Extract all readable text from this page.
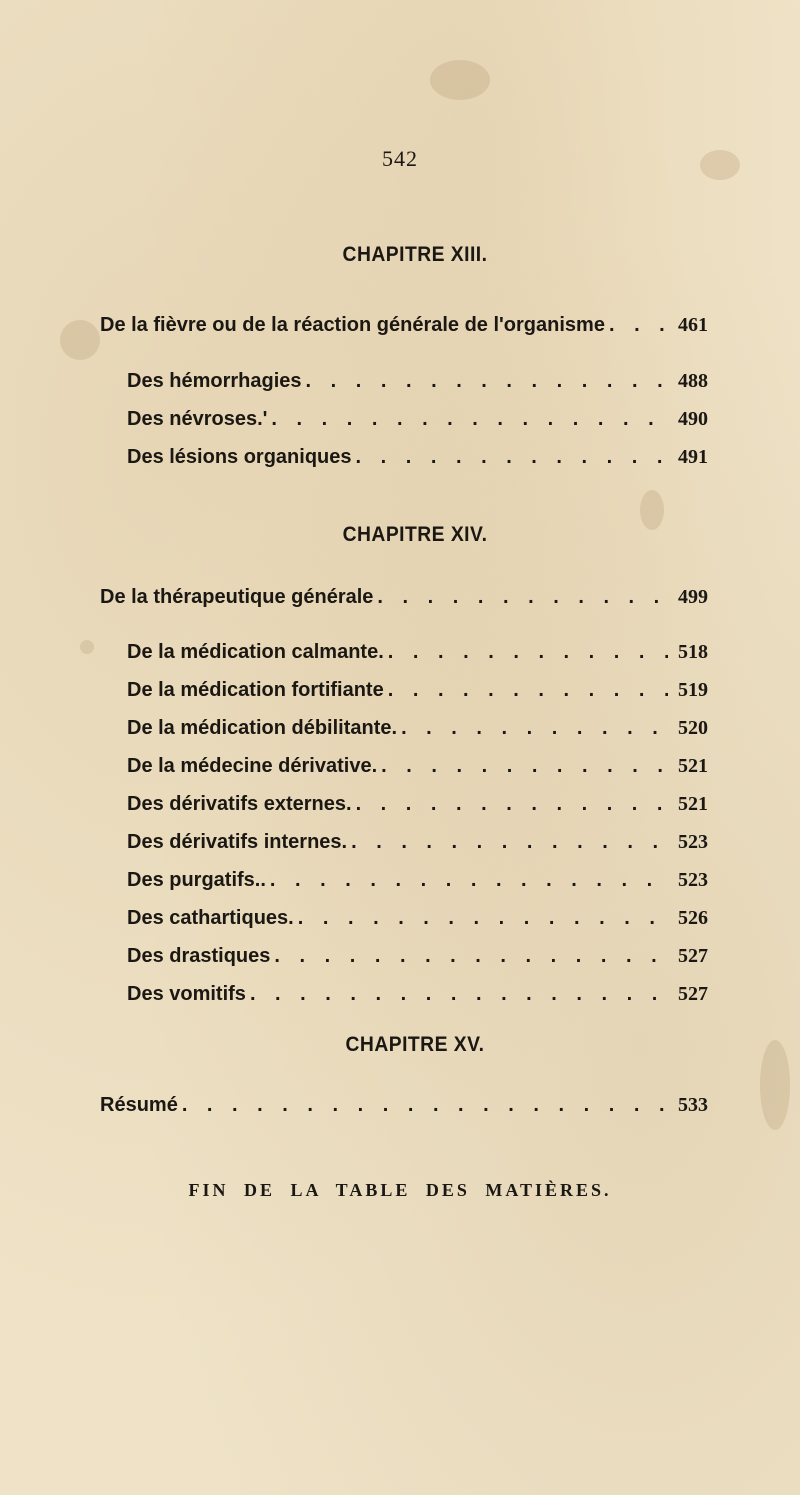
542
CHAPITRE XIII.
De la fièvre ou de la réaction générale de l'organisme . . .	461
Des hémorrhagies . . .	488
Des névroses.' . . .	490
Des lésions organiques . . .	491
CHAPITRE XIV.
De la thérapeutique générale . . .	499
De la médication calmante. . . .	518
De la médication fortifiante . . .	519
De la médication débilitante. . . .	520
De la médecine dérivative. . . .	521
Des dérivatifs externes. . . .	521
Des dérivatifs internes. . . .	523
Des purgatifs.. . . .	523
Des cathartiques. . . .	526
Des drastiques . . .	527
Des vomitifs . . .	527
CHAPITRE XV.
Résumé . . .	533
FIN DE LA TABLE DES MATIÈRES.
